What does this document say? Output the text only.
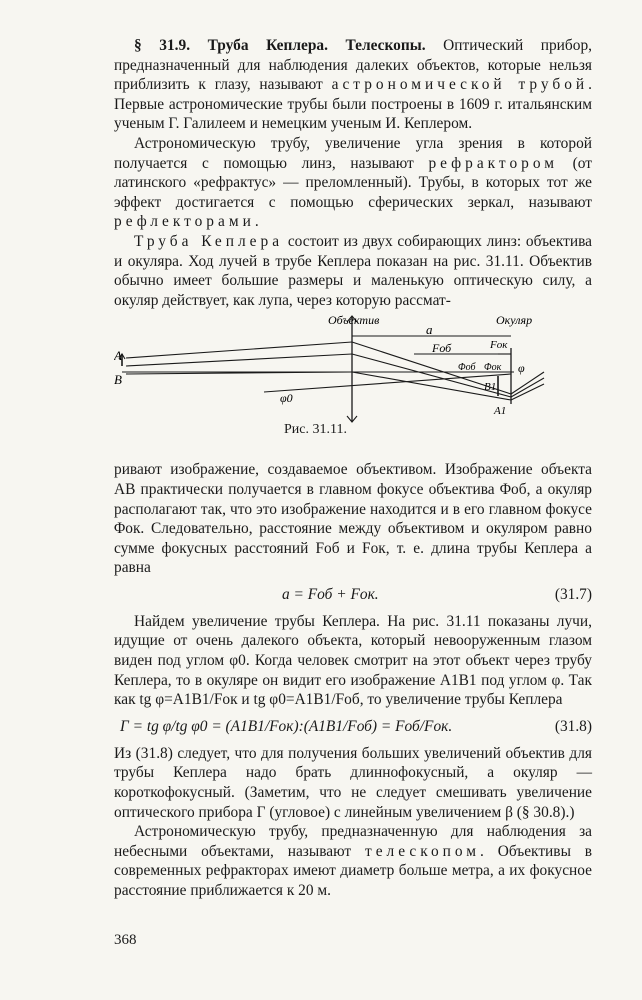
§ 31.9. Труба Кеплера. Телескопы. Оптический прибор, предназначенный для наблюдения далеких объектов, которые нельзя приблизить к глазу, называют астрономической трубой. Первые астрономические трубы были построены в 1609 г. итальянским ученым Г. Галилеем и немецким ученым И. Кеплером.

Астрономическую трубу, увеличение угла зрения в которой получается с помощью линз, называют рефрактором (от латинского «рефрактус» — преломленный). Трубы, в которых тот же эффект достигается с помощью сферических зеркал, называют рефлекторами.

Труба Кеплера состоит из двух собирающих линз: объектива и окуляра. Ход лучей в трубе Кеплера показан на рис. 31.11. Объектив обычно имеет большие размеры и маленькую оптическую силу, а окуляр действует, как лупа, через которую рассмат-

Объектив	Окуляр
a
Fоб	Fок
Φоб Φок
A
B
A1
B1
φ0
φ
Рис. 31.11.

ривают изображение, создаваемое объективом. Изображение объекта AB практически получается в главном фокусе объектива Φоб, а окуляр располагают так, что это изображение находится и в его главном фокусе Φок. Следовательно, расстояние между объективом и окуляром равно сумме фокусных расстояний Fоб и Fок, т. е. длина трубы Кеплера a равна

a = Fоб + Fок.	(31.7)

Найдем увеличение трубы Кеплера. На рис. 31.11 показаны лучи, идущие от очень далекого объекта, который невооруженным глазом виден под углом φ0. Когда человек смотрит на этот объект через трубу Кеплера, то в окуляре он видит его изображение A1B1 под углом φ. Так как tg φ=A1B1/Fок и tg φ0=A1B1/Fоб, то увеличение трубы Кеплера

Γ = tg φ/tg φ0 = (A1B1/Fок):(A1B1/Fоб) = Fоб/Fок.	(31.8)

Из (31.8) следует, что для получения больших увеличений объектив для трубы Кеплера надо брать длиннофокусный, а окуляр — короткофокусный. (Заметим, что не следует смешивать увеличение оптического прибора Γ (угловое) с линейным увеличением β (§ 30.8).)

Астрономическую трубу, предназначенную для наблюдения за небесными объектами, называют телескопом. Объективы в современных рефракторах имеют диаметр больше метра, а их фокусное расстояние приближается к 20 м.

368
